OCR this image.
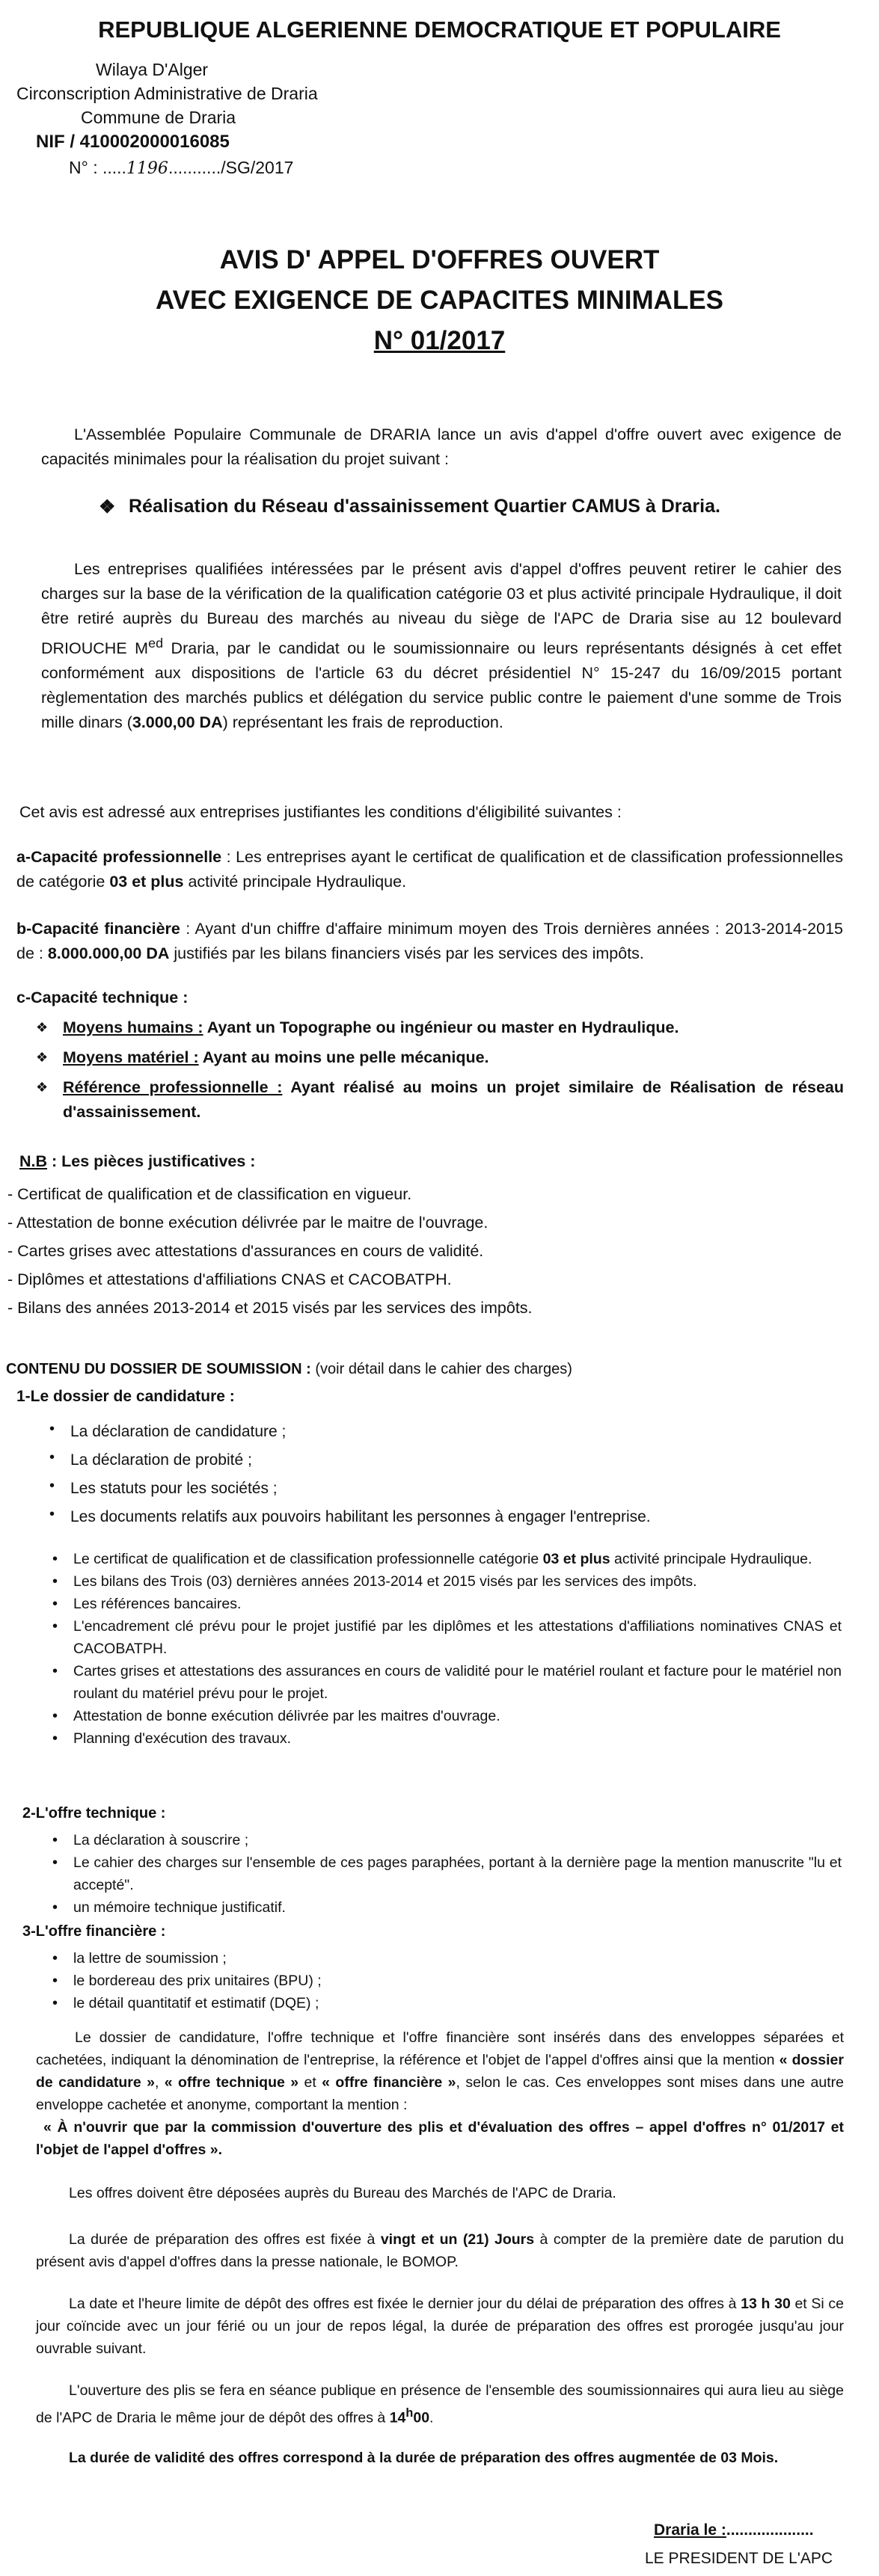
REPUBLIQUE ALGERIENNE DEMOCRATIQUE ET POPULAIRE
Wilaya D'Alger
Circonscription Administrative de Draria
Commune de Draria
NIF / 410002000016085
N° : .....1196.........../SG/2017
AVIS D' APPEL D'OFFRES OUVERT
AVEC EXIGENCE DE CAPACITES MINIMALES
N° 01/2017

L'Assemblée Populaire Communale de DRARIA lance un avis d'appel d'offre ouvert avec exigence de capacités minimales pour la réalisation du projet suivant :

❖ Réalisation du Réseau d'assainissement Quartier CAMUS à Draria.

Les entreprises qualifiées intéressées par le présent avis d'appel d'offres peuvent retirer le cahier des charges sur la base de la vérification de la qualification catégorie 03 et plus activité principale Hydraulique, il doit être retiré auprès du Bureau des marchés au niveau du siège de l'APC de Draria sise au 12 boulevard DRIOUCHE $M^{ed}$ Draria, par le candidat ou le soumissionnaire ou leurs représentants désignés à cet effet conformément aux dispositions de l'article 63 du décret présidentiel N° 15-247 du 16/09/2015 portant règlementation des marchés publics et délégation du service public contre le paiement d'une somme de Trois mille dinars (3.000,00 DA) représentant les frais de reproduction.

Cet avis est adressé aux entreprises justifiantes les conditions d'éligibilité suivantes :

a-Capacité professionnelle : Les entreprises ayant le certificat de qualification et de classification professionnelles de catégorie 03 et plus activité principale Hydraulique.

b-Capacité financière : Ayant d'un chiffre d'affaire minimum moyen des Trois dernières années : 2013-2014-2015 de : 8.000.000,00 DA justifiés par les bilans financiers visés par les services des impôts.

c-Capacité technique :
❖ Moyens humains : Ayant un Topographe ou ingénieur ou master en Hydraulique.
❖ Moyens matériel : Ayant au moins une pelle mécanique.
❖ Référence professionnelle : Ayant réalisé au moins un projet similaire de Réalisation de réseau d'assainissement.
N.B : Les pièces justificatives :
- Certificat de qualification et de classification en vigueur.
- Attestation de bonne exécution délivrée par le maitre de l'ouvrage.
- Cartes grises avec attestations d'assurances en cours de validité.
- Diplômes et attestations d'affiliations CNAS et CACOBATPH.
- Bilans des années 2013-2014 et 2015 visés par les services des impôts.
CONTENU DU DOSSIER DE SOUMISSION : (voir détail dans le cahier des charges)
1-Le dossier de candidature :
• La déclaration de candidature ;
• La déclaration de probité ;
• Les statuts pour les sociétés ;
• Les documents relatifs aux pouvoirs habilitant les personnes à engager l'entreprise.
•	Le certificat de qualification et de classification professionnelle catégorie 03 et plus activité principale Hydraulique.
•	Les bilans des Trois (03) dernières années 2013-2014 et 2015 visés par les services des impôts.
•	Les références bancaires.
•	L'encadrement clé prévu pour le projet justifié par les diplômes et les attestations d'affiliations nominatives CNAS et CACOBATPH.
•	Cartes grises et attestations des assurances en cours de validité pour le matériel roulant et facture pour le matériel non roulant du matériel prévu pour le projet.
•	Attestation de bonne exécution délivrée par les maitres d'ouvrage.
•	Planning d'exécution des travaux.
2-L'offre technique :
•	La déclaration à souscrire ;
•	Le cahier des charges sur l'ensemble de ces pages paraphées, portant à la dernière page la mention manuscrite "lu et accepté".
•	un mémoire technique justificatif.
3-L'offre financière :
•	la lettre de soumission ;
•	le bordereau des prix unitaires (BPU) ;
•	le détail quantitatif et estimatif (DQE) ;

Le dossier de candidature, l'offre technique et l'offre financière sont insérés dans des enveloppes séparées et cachetées, indiquant la dénomination de l'entreprise, la référence et l'objet de l'appel d'offres ainsi que la mention « dossier de candidature », « offre technique » et « offre financière », selon le cas. Ces enveloppes sont mises dans une autre enveloppe cachetée et anonyme, comportant la mention :

« À n'ouvrir que par la commission d'ouverture des plis et d'évaluation des offres – appel d'offres n° 01/2017 et l'objet de l'appel d'offres ».

Les offres doivent être déposées auprès du Bureau des Marchés de l'APC de Draria.

La durée de préparation des offres est fixée à vingt et un (21) Jours à compter de la première date de parution du présent avis d'appel d'offres dans la presse nationale, le BOMOP.

La date et l'heure limite de dépôt des offres est fixée le dernier jour du délai de préparation des offres à 13 h 30 et Si ce jour coïncide avec un jour férié ou un jour de repos légal, la durée de préparation des offres est prorogée jusqu'au jour ouvrable suivant.

L'ouverture des plis se fera en séance publique en présence de l'ensemble des soumissionnaires qui aura lieu au siège de l'APC de Draria le même jour de dépôt des offres à 14$^h$00.

La durée de validité des offres correspond à la durée de préparation des offres augmentée de 03 Mois.

Draria le :....................
LE PRESIDENT DE L'APC
